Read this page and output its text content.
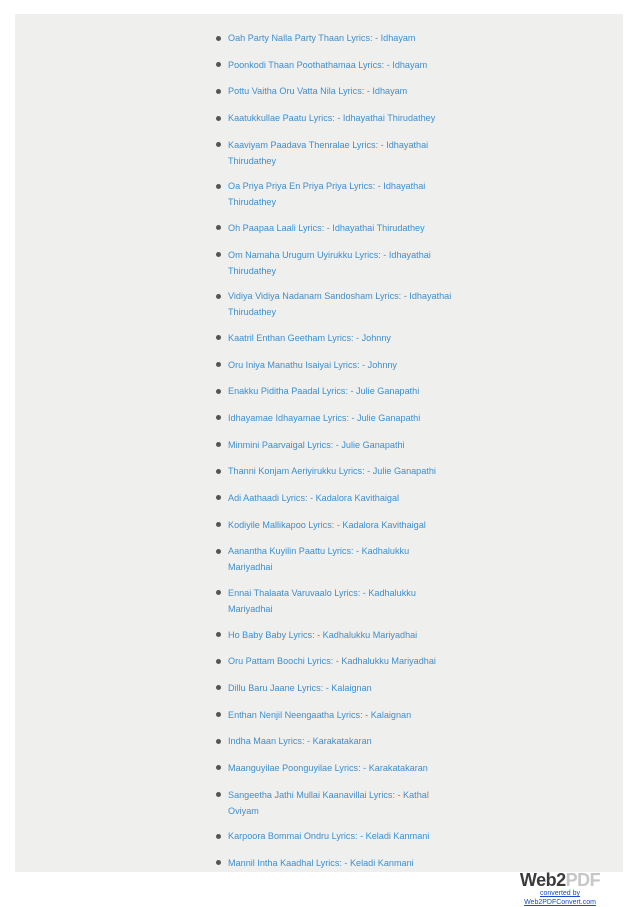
Oah Party Nalla Party Thaan Lyrics: - Idhayam
Poonkodi Thaan Poothathamaa Lyrics: - Idhayam
Pottu Vaitha Oru Vatta Nila Lyrics: - Idhayam
Kaatukkullae Paatu Lyrics: - Idhayathai Thirudathey
Kaaviyam Paadava Thenralae Lyrics: - Idhayathai Thirudathey
Oa Priya Priya En Priya Priya Lyrics: - Idhayathai Thirudathey
Oh Paapaa Laali Lyrics: - Idhayathai Thirudathey
Om Namaha Urugum Uyirukku Lyrics: - Idhayathai Thirudathey
Vidiya Vidiya Nadanam Sandosham Lyrics: - Idhayathai Thirudathey
Kaatril Enthan Geetham Lyrics: - Johnny
Oru Iniya Manathu Isaiyai Lyrics: - Johnny
Enakku Piditha Paadal Lyrics: - Julie Ganapathi
Idhayamae Idhayamae Lyrics: - Julie Ganapathi
Minmini Paarvaigal Lyrics: - Julie Ganapathi
Thanni Konjam Aeriyirukku Lyrics: - Julie Ganapathi
Adi Aathaadi Lyrics: - Kadalora Kavithaigal
Kodiyile Mallikapoo Lyrics: - Kadalora Kavithaigal
Aanantha Kuyilin Paattu Lyrics: - Kadhalukku Mariyadhai
Ennai Thalaata Varuvaalo Lyrics: - Kadhalukku Mariyadhai
Ho Baby Baby Lyrics: - Kadhalukku Mariyadhai
Oru Pattam Boochi Lyrics: - Kadhalukku Mariyadhai
Dillu Baru Jaane Lyrics: - Kalaignan
Enthan Nenjil Neengaatha Lyrics: - Kalaignan
Indha Maan Lyrics: - Karakatakaran
Maanguyilae Poonguyilae Lyrics: - Karakatakaran
Sangeetha Jathi Mullai Kaanavillai Lyrics: - Kathal Oviyam
Karpoora Bommai Ondru Lyrics: - Keladi Kanmani
Mannil Intha Kaadhal Lyrics: - Keladi Kanmani
Web2PDF
converted by Web2PDFConvert.com
